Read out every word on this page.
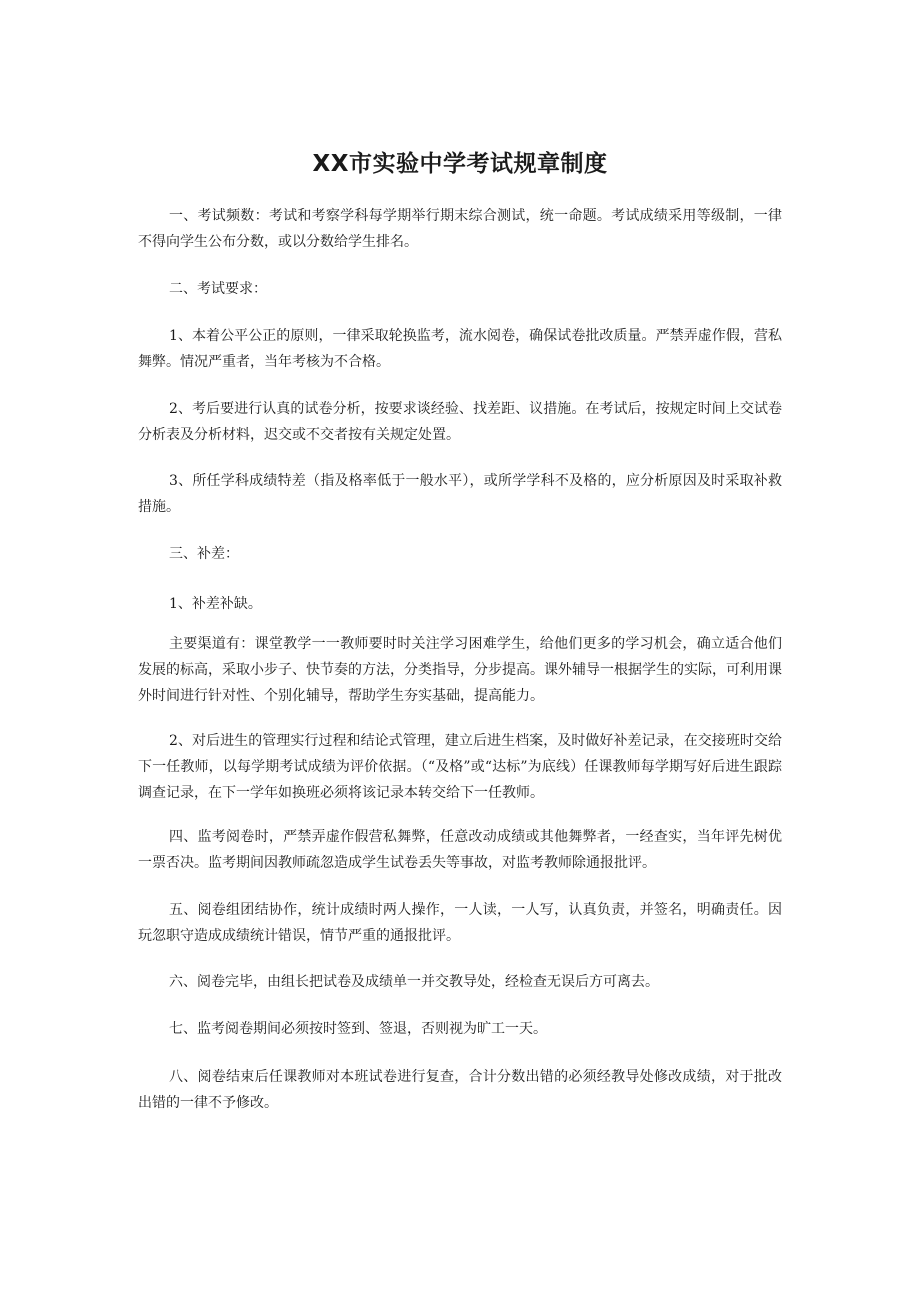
XX市实验中学考试规章制度

一、考试频数：考试和考察学科每学期举行期末综合测试，统一命题。考试成绩采用等级制，一律不得向学生公布分数，或以分数给学生排名。

二、考试要求：

1、本着公平公正的原则，一律采取轮换监考，流水阅卷，确保试卷批改质量。严禁弄虚作假，营私舞弊。情况严重者，当年考核为不合格。

2、考后要进行认真的试卷分析，按要求谈经验、找差距、议措施。在考试后，按规定时间上交试卷分析表及分析材料，迟交或不交者按有关规定处置。

3、所任学科成绩特差（指及格率低于一般水平），或所学学科不及格的，应分析原因及时采取补救措施。

三、补差：

1、补差补缺。

主要渠道有：课堂教学一一教师要时时关注学习困难学生，给他们更多的学习机会，确立适合他们发展的标高，采取小步子、快节奏的方法，分类指导，分步提高。课外辅导一根据学生的实际，可利用课外时间进行针对性、个别化辅导，帮助学生夯实基础，提高能力。

2、对后进生的管理实行过程和结论式管理，建立后进生档案，及时做好补差记录，在交接班时交给下一任教师，以每学期考试成绩为评价依据。（“及格”或“达标”为底线）任课教师每学期写好后进生跟踪调查记录，在下一学年如换班必须将该记录本转交给下一任教师。

四、监考阅卷时，严禁弄虚作假营私舞弊，任意改动成绩或其他舞弊者，一经查实，当年评先树优一票否决。监考期间因教师疏忽造成学生试卷丢失等事故，对监考教师除通报批评。

五、阅卷组团结协作，统计成绩时两人操作，一人读，一人写，认真负责，并签名，明确责任。因玩忽职守造成成绩统计错误，情节严重的通报批评。

六、阅卷完毕，由组长把试卷及成绩单一并交教导处，经检查无误后方可离去。

七、监考阅卷期间必须按时签到、签退，否则视为旷工一天。

八、阅卷结束后任课教师对本班试卷进行复查，合计分数出错的必须经教导处修改成绩，对于批改出错的一律不予修改。
